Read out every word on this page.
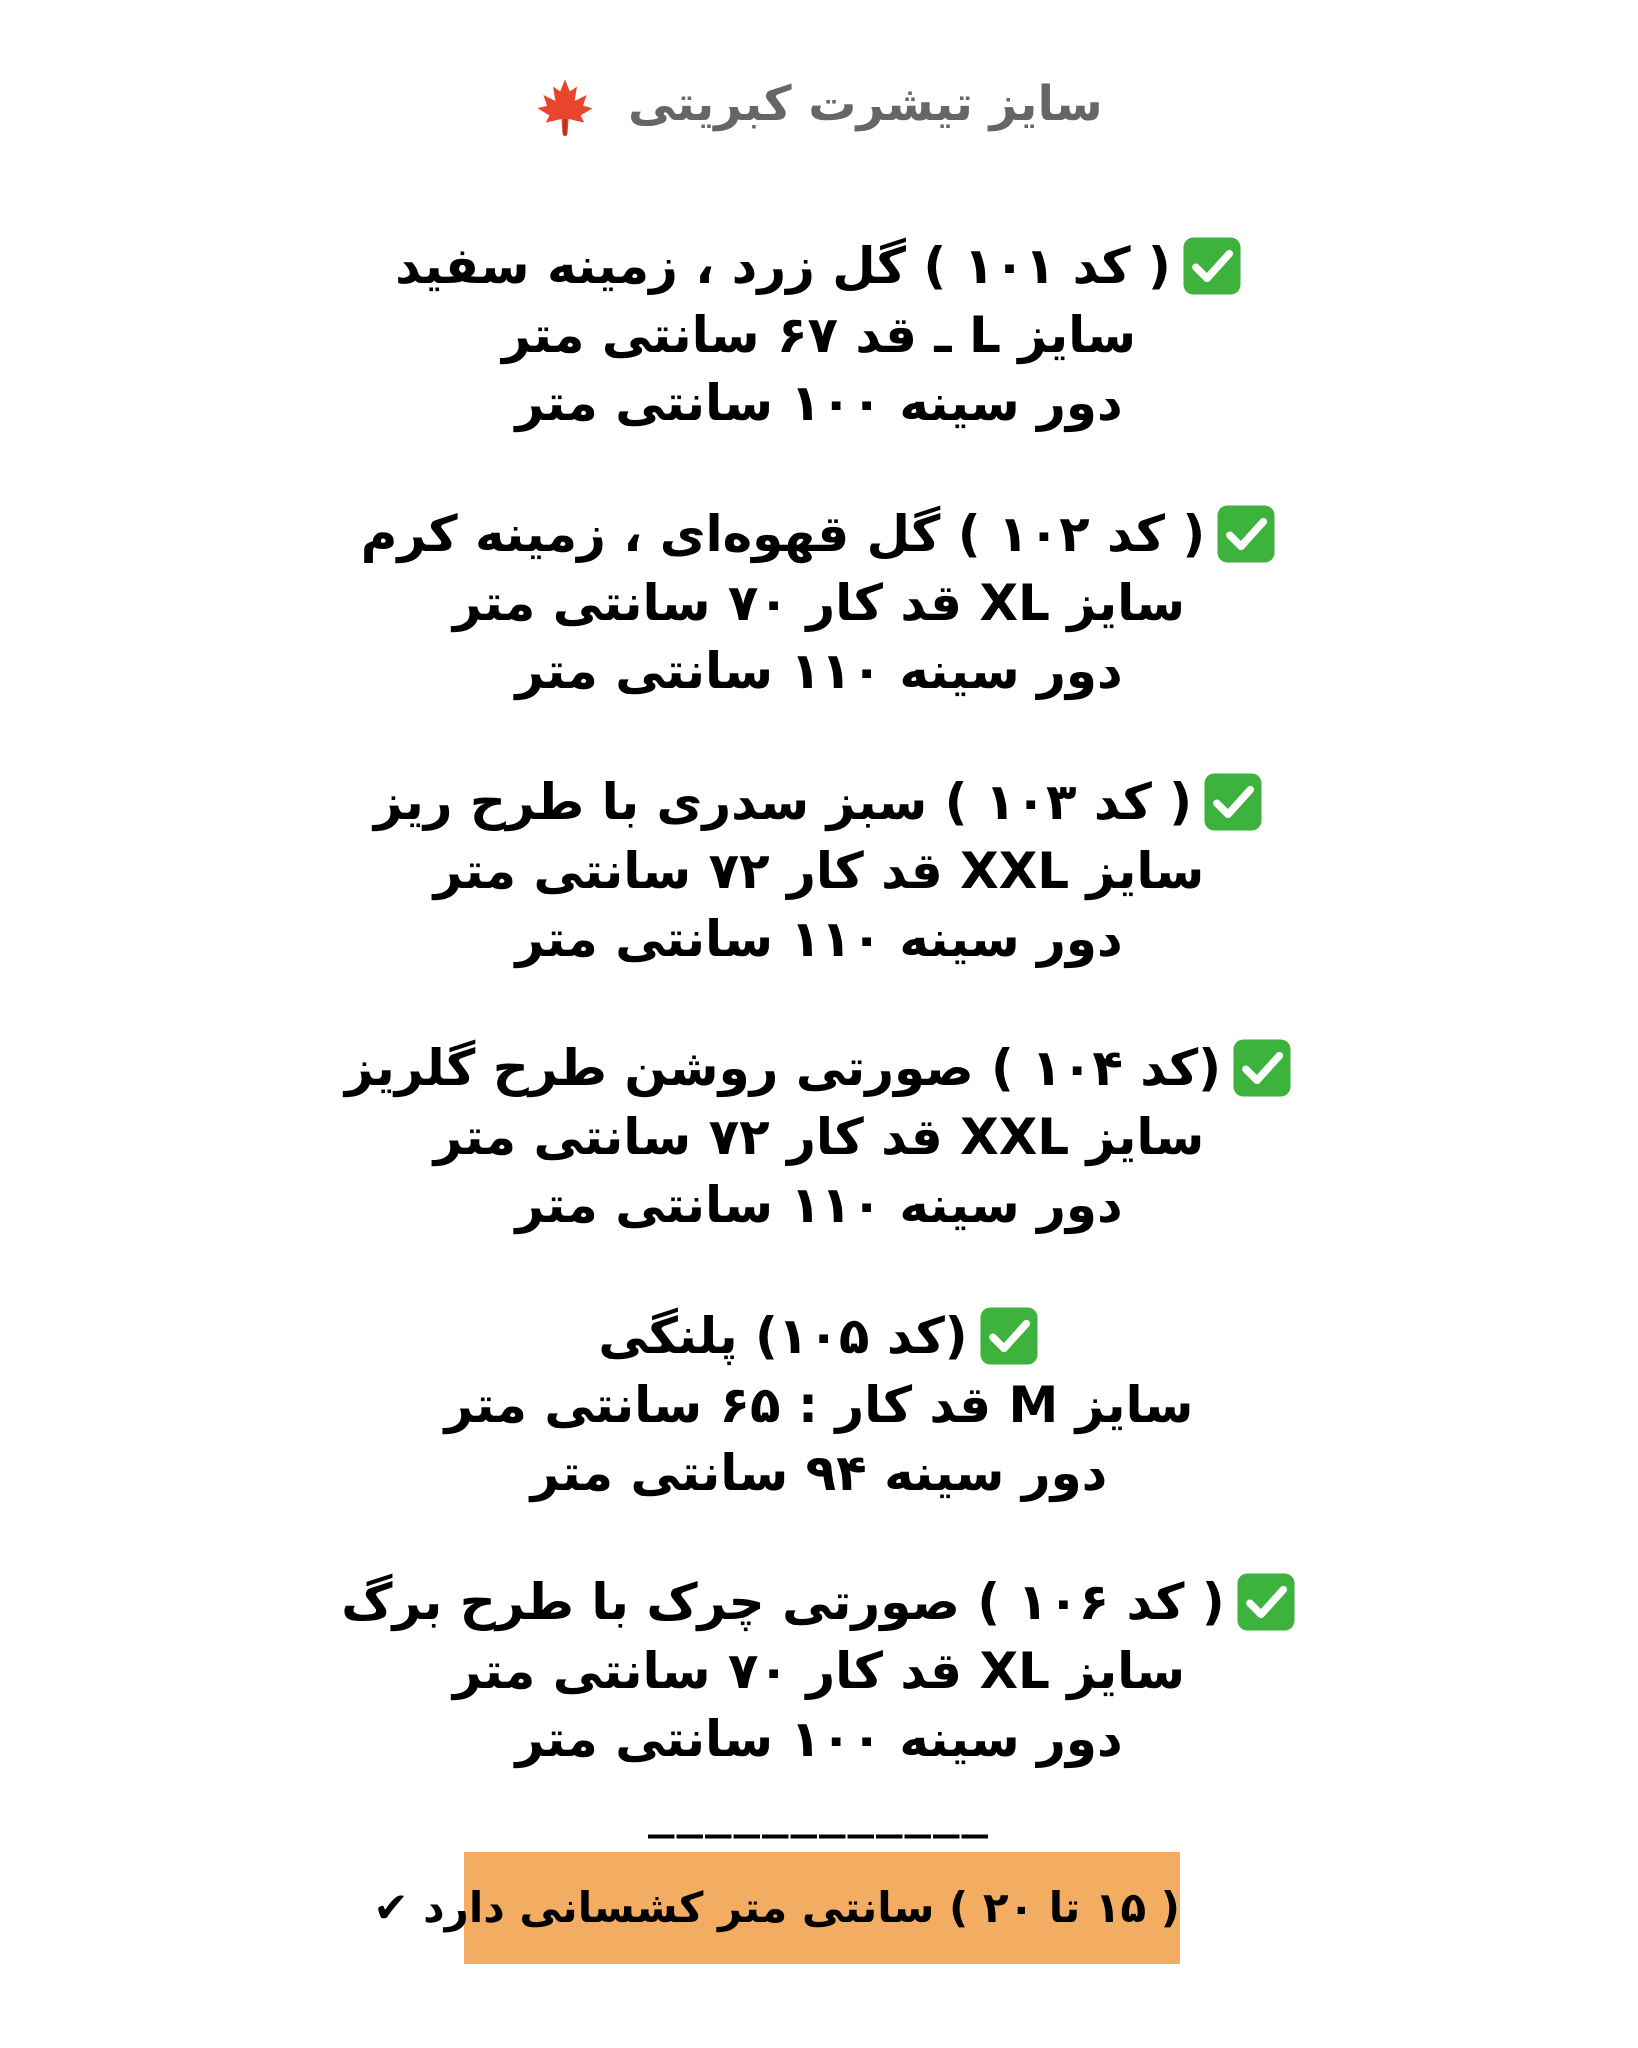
سایز تیشرت کبریتی
( کد ۱۰۱ ) گل زرد ، زمینه سفید
سایز L ـ قد ۶۷ سانتی متر
دور سینه ۱۰۰ سانتی متر
( کد ۱۰۲ ) گل قهوه‌ای ، زمینه کرم
سایز XL قد کار ۷۰ سانتی متر
دور سینه ۱۱۰ سانتی متر
( کد ۱۰۳ ) سبز سدری با طرح ریز
سایز XXL قد کار ۷۲ سانتی متر
دور سینه ۱۱۰ سانتی متر
(کد ۱۰۴ ) صورتی روشن طرح گلریز
سایز XXL قد کار ۷۲ سانتی متر
دور سینه ۱۱۰ سانتی متر
(کد ۱۰۵) پلنگی
سایز M قد کار : ۶۵ سانتی متر
دور سینه ۹۴ سانتی متر
( کد ۱۰۶ ) صورتی چرک با طرح برگ
سایز XL قد کار ۷۰ سانتی متر
دور سینه ۱۰۰ سانتی متر
____________
( ۱۵ تا ۲۰ ) سانتی متر کشسانی دارد ✔
